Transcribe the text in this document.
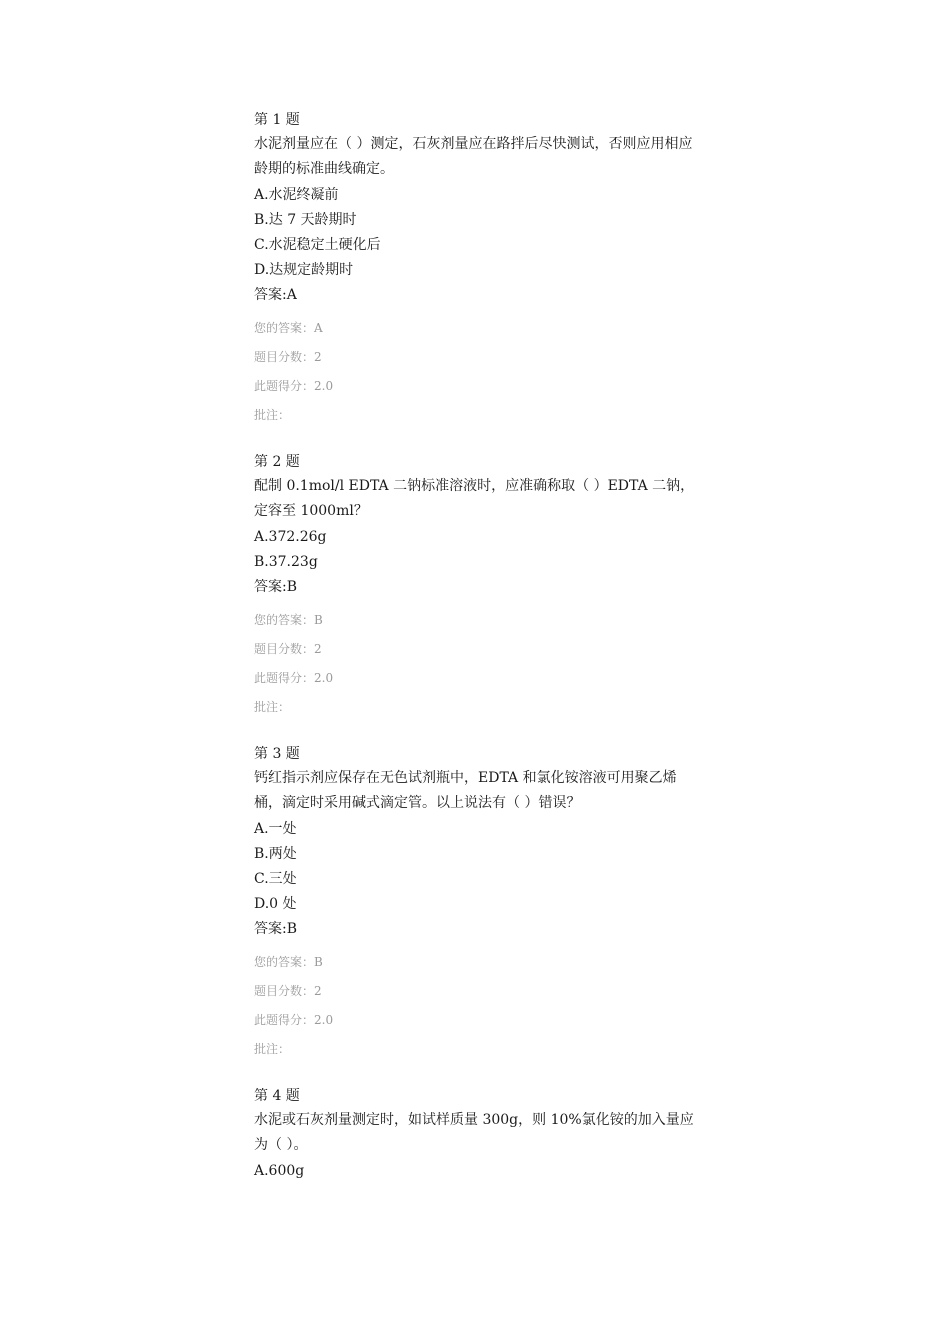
第 1 题
水泥剂量应在（ ）测定，石灰剂量应在路拌后尽快测试，否则应用相应龄期的标准曲线确定。
A.水泥终凝前
B.达 7 天龄期时
C.水泥稳定土硬化后
D.达规定龄期时
答案:A
您的答案：A
题目分数：2
此题得分：2.0
批注：
第 2 题
配制 0.1mol/l EDTA 二钠标准溶液时，应准确称取（ ）EDTA 二钠，定容至 1000ml？
A.372.26g
B.37.23g
答案:B
您的答案：B
题目分数：2
此题得分：2.0
批注：
第 3 题
钙红指示剂应保存在无色试剂瓶中，EDTA 和氯化铵溶液可用聚乙烯桶，滴定时采用碱式滴定管。以上说法有（ ）错误？
A.一处
B.两处
C.三处
D.0 处
答案:B
您的答案：B
题目分数：2
此题得分：2.0
批注：
第 4 题
水泥或石灰剂量测定时，如试样质量 300g，则 10%氯化铵的加入量应为（ ）。
A.600g
